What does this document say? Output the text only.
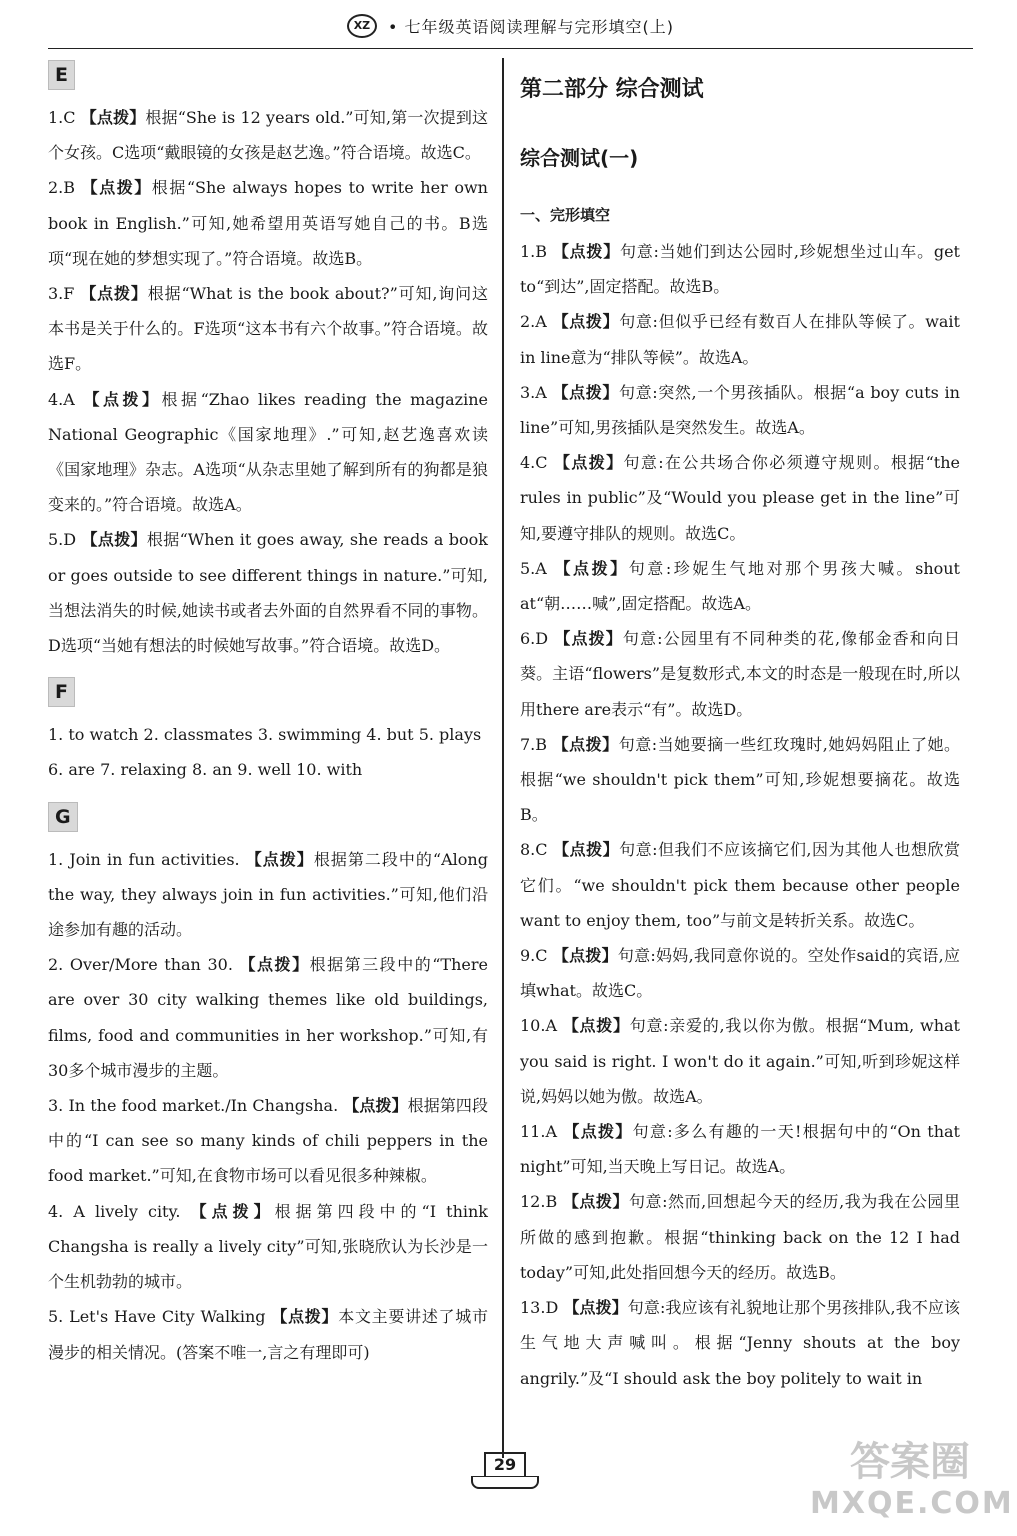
XZ • 七年级英语阅读理解与完形填空(上)
E

1.C 【点拨】根据“She is 12 years old.”可知,第一次提到这个女孩。C选项“戴眼镜的女孩是赵艺逸。”符合语境。故选C。

2.B 【点拨】根据“She always hopes to write her own book in English.”可知,她希望用英语写她自己的书。B选项“现在她的梦想实现了。”符合语境。故选B。

3.F 【点拨】根据“What is the book about?”可知,询问这本书是关于什么的。F选项“这本书有六个故事。”符合语境。故选F。

4.A 【点拨】根据“Zhao likes reading the magazine National Geographic《国家地理》.”可知,赵艺逸喜欢读《国家地理》杂志。A选项“从杂志里她了解到所有的狗都是狼变来的。”符合语境。故选A。

5.D 【点拨】根据“When it goes away, she reads a book or goes outside to see different things in nature.”可知,当想法消失的时候,她读书或者去外面的自然界看不同的事物。D选项“当她有想法的时候她写故事。”符合语境。故选D。

F

1. to watch 2. classmates 3. swimming 4. but 5. plays

6. are 7. relaxing 8. an 9. well 10. with

G

1. Join in fun activities. 【点拨】根据第二段中的“Along the way, they always join in fun activities.”可知,他们沿途参加有趣的活动。

2. Over/More than 30. 【点拨】根据第三段中的“There are over 30 city walking themes like old buildings, films, food and communities in her workshop.”可知,有30多个城市漫步的主题。

3. In the food market./In Changsha. 【点拨】根据第四段中的“I can see so many kinds of chili peppers in the food market.”可知,在食物市场可以看见很多种辣椒。

4. A lively city. 【点拨】根据第四段中的“I think Changsha is really a lively city”可知,张晓欣认为长沙是一个生机勃勃的城市。

5. Let's Have City Walking 【点拨】本文主要讲述了城市漫步的相关情况。(答案不唯一,言之有理即可)

第二部分 综合测试
综合测试(一)
一、完形填空

1.B 【点拨】句意:当她们到达公园时,珍妮想坐过山车。get to“到达”,固定搭配。故选B。

2.A 【点拨】句意:但似乎已经有数百人在排队等候了。wait in line意为“排队等候”。故选A。

3.A 【点拨】句意:突然,一个男孩插队。根据“a boy cuts in line”可知,男孩插队是突然发生。故选A。

4.C 【点拨】句意:在公共场合你必须遵守规则。根据“the rules in public”及“Would you please get in the line”可知,要遵守排队的规则。故选C。

5.A 【点拨】句意:珍妮生气地对那个男孩大喊。shout at“朝……喊”,固定搭配。故选A。

6.D 【点拨】句意:公园里有不同种类的花,像郁金香和向日葵。主语“flowers”是复数形式,本文的时态是一般现在时,所以用there are表示“有”。故选D。

7.B 【点拨】句意:当她要摘一些红玫瑰时,她妈妈阻止了她。根据“we shouldn't pick them”可知,珍妮想要摘花。故选B。

8.C 【点拨】句意:但我们不应该摘它们,因为其他人也想欣赏它们。“we shouldn't pick them because other people want to enjoy them, too”与前文是转折关系。故选C。

9.C 【点拨】句意:妈妈,我同意你说的。空处作said的宾语,应填what。故选C。

10.A 【点拨】句意:亲爱的,我以你为傲。根据“Mum, what you said is right. I won't do it again.”可知,听到珍妮这样说,妈妈以她为傲。故选A。

11.A 【点拨】句意:多么有趣的一天!根据句中的“On that night”可知,当天晚上写日记。故选A。

12.B 【点拨】句意:然而,回想起今天的经历,我为我在公园里所做的感到抱歉。根据“thinking back on the 12 I had today”可知,此处指回想今天的经历。故选B。

13.D 【点拨】句意:我应该有礼貌地让那个男孩排队,我不应该生气地大声喊叫。根据“Jenny shouts at the boy angrily.”及“I should ask the boy politely to wait in

29	答案圈
MXQE.COM
